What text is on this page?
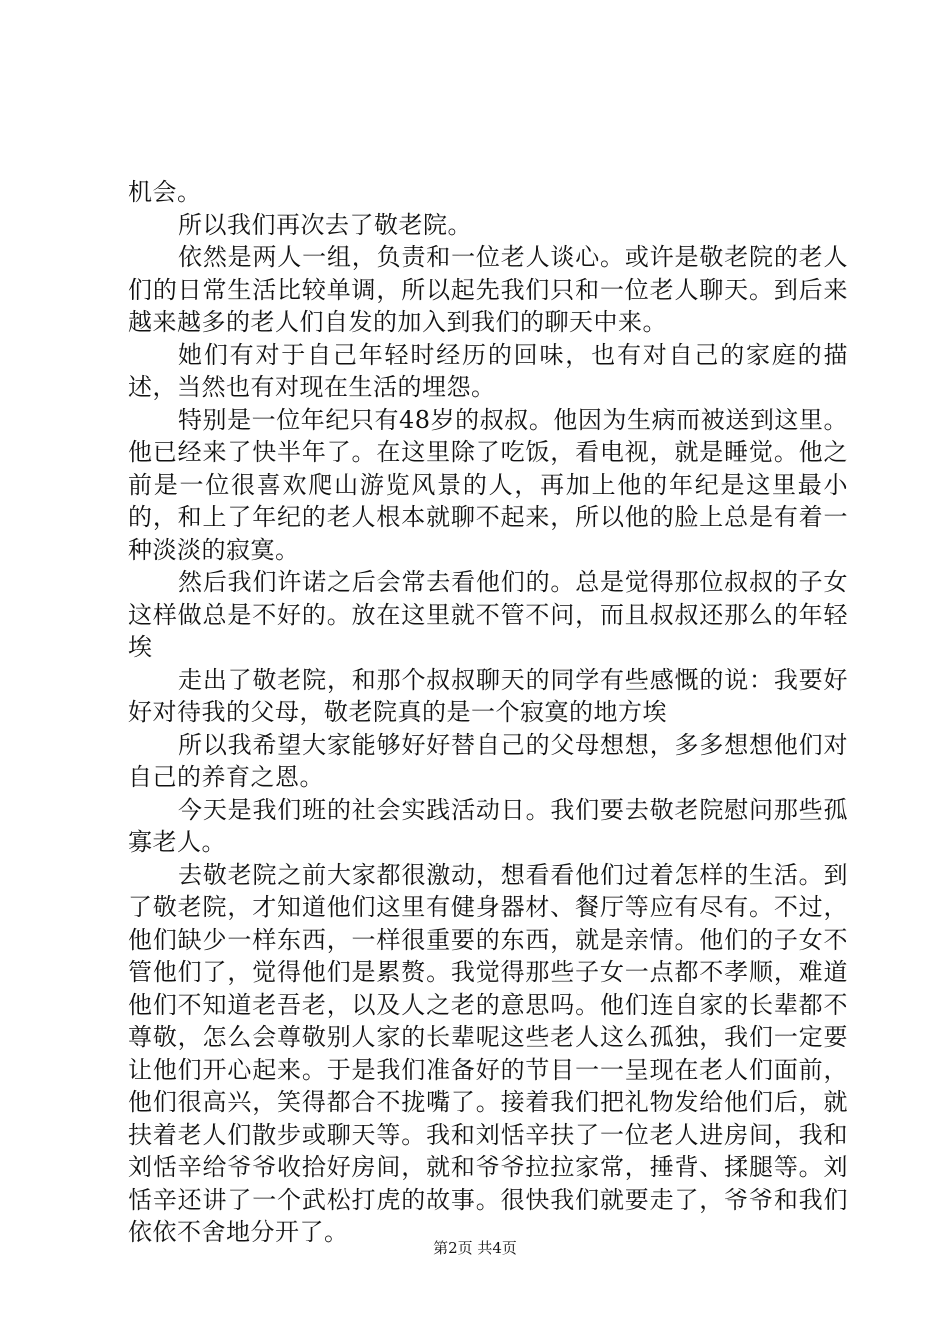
机会。

所以我们再次去了敬老院。

依然是两人一组，负责和一位老人谈心。或许是敬老院的老人们的日常生活比较单调，所以起先我们只和一位老人聊天。到后来越来越多的老人们自发的加入到我们的聊天中来。

她们有对于自己年轻时经历的回味，也有对自己的家庭的描述，当然也有对现在生活的埋怨。

特别是一位年纪只有48岁的叔叔。他因为生病而被送到这里。他已经来了快半年了。在这里除了吃饭，看电视，就是睡觉。他之前是一位很喜欢爬山游览风景的人，再加上他的年纪是这里最小的，和上了年纪的老人根本就聊不起来，所以他的脸上总是有着一种淡淡的寂寞。

然后我们许诺之后会常去看他们的。总是觉得那位叔叔的子女这样做总是不好的。放在这里就不管不问，而且叔叔还那么的年轻埃

走出了敬老院，和那个叔叔聊天的同学有些感慨的说：我要好好对待我的父母，敬老院真的是一个寂寞的地方埃

所以我希望大家能够好好替自己的父母想想，多多想想他们对自己的养育之恩。

今天是我们班的社会实践活动日。我们要去敬老院慰问那些孤寡老人。

去敬老院之前大家都很激动，想看看他们过着怎样的生活。到了敬老院，才知道他们这里有健身器材、餐厅等应有尽有。不过，他们缺少一样东西，一样很重要的东西，就是亲情。他们的子女不管他们了，觉得他们是累赘。我觉得那些子女一点都不孝顺，难道他们不知道老吾老，以及人之老的意思吗。他们连自家的长辈都不尊敬，怎么会尊敬别人家的长辈呢这些老人这么孤独，我们一定要让他们开心起来。于是我们准备好的节目一一呈现在老人们面前，他们很高兴，笑得都合不拢嘴了。接着我们把礼物发给他们后，就扶着老人们散步或聊天等。我和刘恬辛扶了一位老人进房间，我和刘恬辛给爷爷收拾好房间，就和爷爷拉拉家常，捶背、揉腿等。刘恬辛还讲了一个武松打虎的故事。很快我们就要走了，爷爷和我们依依不舍地分开了。

第2页 共4页
